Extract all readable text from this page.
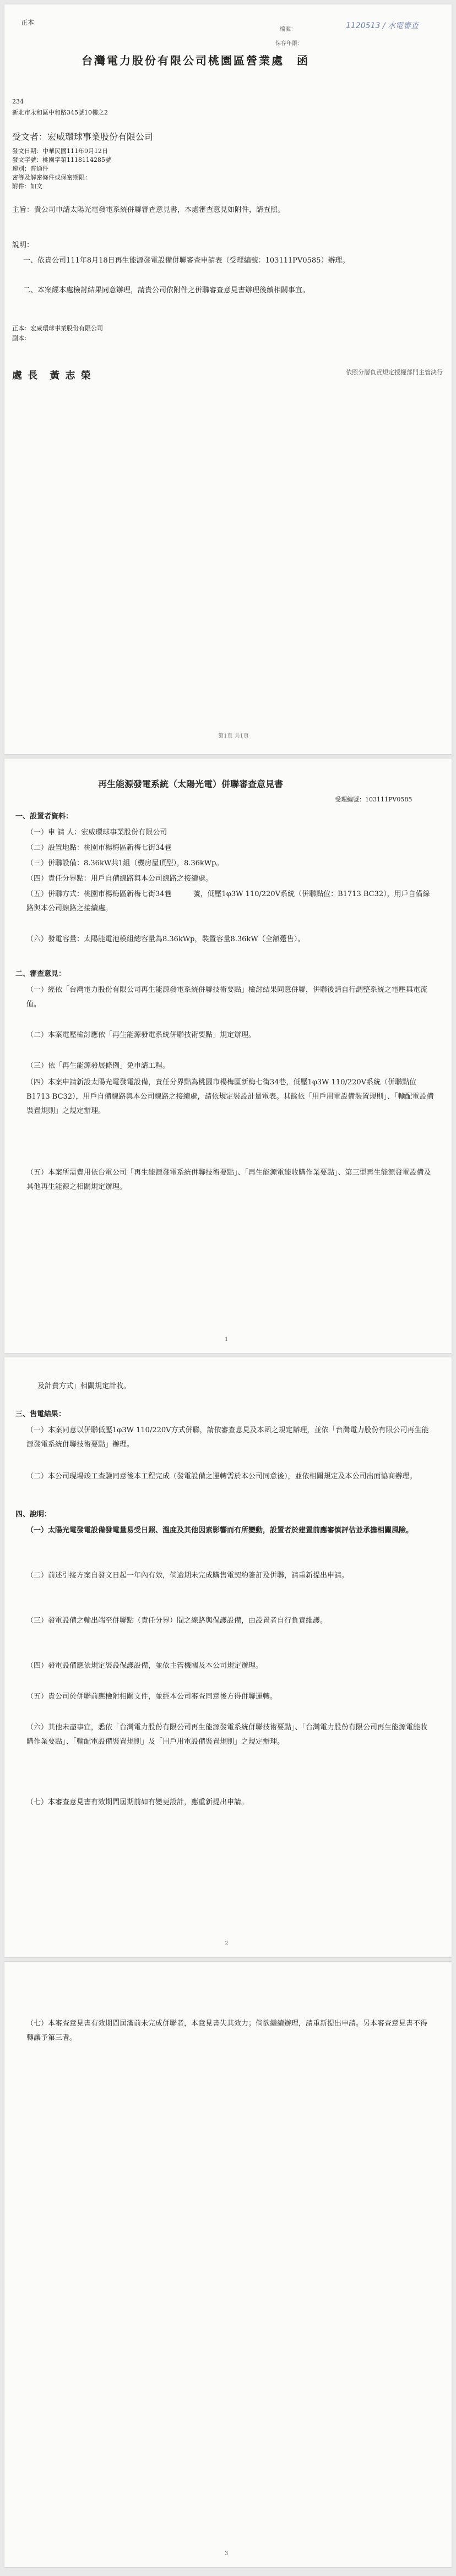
正本
檔號：
保存年限：
1120513 / 水電審查
台灣電力股份有限公司桃園區營業處　函
234
新北市永和區中和路345號10樓之2
受文者：宏威環球事業股份有限公司
發文日期：中華民國111年9月12日
發文字號：桃園字第1118114285號
速別：普通件
密等及解密條件或保密期限：
附件：如文
主旨： 貴公司申請太陽光電發電系統併聯審查意見書，本處審查意見如附件，請查照。
說明：
一、依貴公司111年8月18日再生能源發電設備併聯審查申請表（受理編號：103111PV0585）辦理。
二、本案經本處檢討結果同意辦理，請貴公司依附件之併聯審查意見書辦理後續相關事宜。
正本：宏威環球事業股份有限公司
副本：
處 長　黃 志 榮	依照分層負責規定授權部門主管決行
第1頁 共1頁
再生能源發電系統（太陽光電）併聯審查意見書
受理編號：103111PV0585
一、設置者資料：
（一）申 請 人：宏威環球事業股份有限公司
（二）設置地點：桃園市楊梅區新梅七街34巷
（三）併聯設備：8.36kW共1組（機房屋頂型），8.36kWp。
（四）責任分界點：用戶自備線路與本公司線路之接續處。
（五）併聯方式：桃園市楊梅區新梅七街34巷　　　號，低壓1φ3W 110/220V系統（併聯點位：B1713 BC32），用戶自備線路與本公司線路之接續處。
（六）發電容量：太陽能電池模組總容量為8.36kWp，裝置容量8.36kW（全額躉售）。
二、審查意見：
（一）經依「台灣電力股份有限公司再生能源發電系統併聯技術要點」檢討結果同意併聯，併聯後請自行調整系統之電壓與電流值。
（二）本案電壓檢討應依「再生能源發電系統併聯技術要點」規定辦理。
（三）依「再生能源發展條例」免申請工程。
（四）本案申請新設太陽光電發電設備，責任分界點為桃園市楊梅區新梅七街34巷，低壓1φ3W 110/220V系統（併聯點位 B1713 BC32），用戶自備線路與本公司線路之接續處，請依規定裝設計量電表。其餘依「用戶用電設備裝置規則」、「輸配電設備裝置規則」之規定辦理。
（五）本案所需費用依台電公司「再生能源發電系統併聯技術要點」、「再生能源電能收購作業要點」、第三型再生能源發電設備及其他再生能源之相關規定辦理。
1
及計費方式」相關規定計收。
三、售電結果：
（一）本案同意以併聯低壓1φ3W 110/220V方式併聯，請依審查意見及本函之規定辦理，並依「台灣電力股份有限公司再生能源發電系統併聯技術要點」辦理。
（二）本公司現場竣工查驗同意後本工程完成（發電設備之運轉需於本公司同意後），並依相關規定及本公司出面協商辦理。
四、說明：
（一）太陽光電發電設備發電量易受日照、溫度及其他因素影響而有所變動，設置者於建置前應審慎評估並承擔相關風險。
（二）前述引接方案自發文日起一年內有效，倘逾期未完成購售電契約簽訂及併聯，請重新提出申請。
（三）發電設備之輸出端至併聯點（責任分界）間之線路與保護設備，由設置者自行負責維護。
（四）發電設備應依規定裝設保護設備，並依主管機關及本公司規定辦理。
（五）貴公司於併聯前應檢附相關文件，並經本公司審查同意後方得併聯運轉。
（六）其他未盡事宜，悉依「台灣電力股份有限公司再生能源發電系統併聯技術要點」、「台灣電力股份有限公司再生能源電能收購作業要點」、「輸配電設備裝置規則」及「用戶用電設備裝置規則」之規定辦理。
（七）本審查意見書有效期間屆期前如有變更設計，應重新提出申請。
2
（七）本審查意見書有效期間屆滿前未完成併聯者，本意見書失其效力；倘欲繼續辦理，請重新提出申請。另本審查意見書不得轉讓予第三者。
3
